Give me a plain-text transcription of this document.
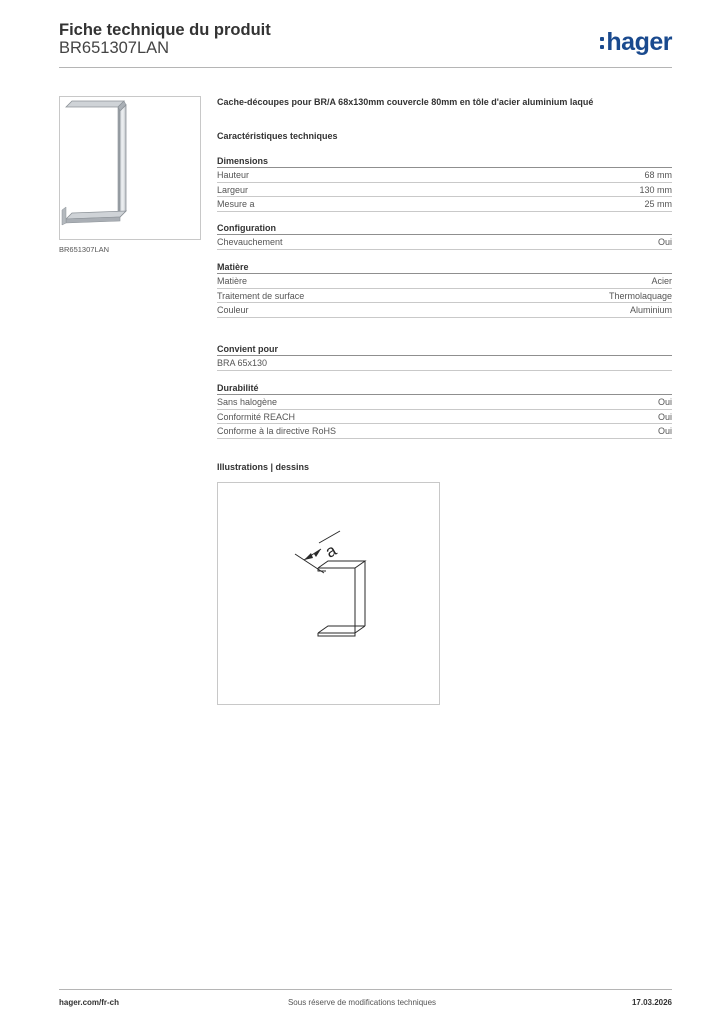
Fiche technique du produit
BR651307LAN	hager
BR651307LAN
Cache-découpes pour BR/A 68x130mm couvercle 80mm en tôle d'acier aluminium laqué
Caractéristiques techniques
Dimensions
Hauteur	68 mm
Largeur	130 mm
Mesure a	25 mm
Configuration
Chevauchement	Oui
Matière
Matière	Acier
Traitement de surface	Thermolaquage
Couleur	Aluminium
Convient pour
BRA 65x130
Durabilité
Sans halogène	Oui
Conformité REACH	Oui
Conforme à la directive RoHS	Oui
Illustrations | dessins
a
hager.com/fr-ch	Sous réserve de modifications techniques	17.03.2026
